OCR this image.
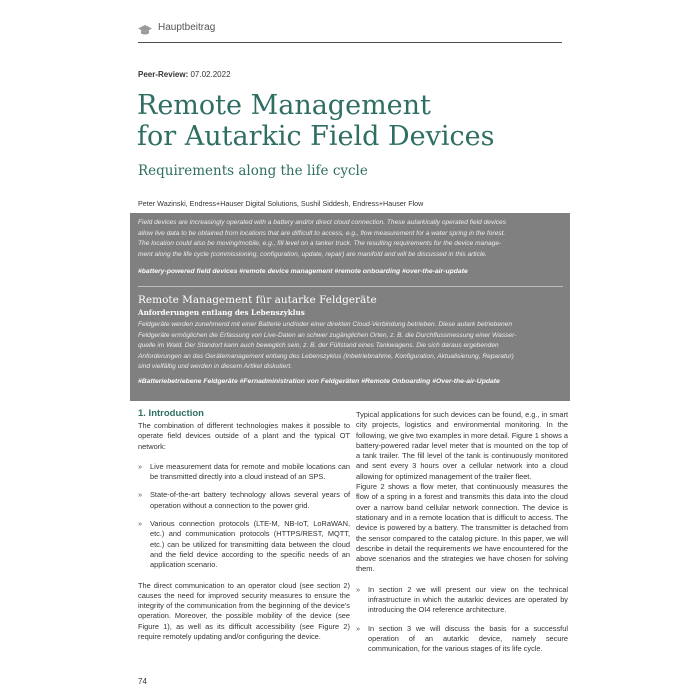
Hauptbeitrag
Peer-Review: 07.02.2022
Remote Management
for Autarkic Field Devices
Requirements along the life cycle
Peter Wazinski, Endress+Hauser Digital Solutions, Sushil Siddesh, Endress+Hauser Flow
Field devices are increasingly operated with a battery and/or direct cloud connection. These autarkically operated field devices
allow live data to be obtained from locations that are difficult to access, e.g., flow measurement for a water spring in the forest.
The location could also be moving/mobile, e.g., fill level on a tanker truck. The resulting requirements for the device manage-
ment along the life cycle (commissioning, configuration, update, repair) are manifold and will be discussed in this article.
#battery-powered field devices #remote device management #remote onboarding #over-the-air-update
Remote Management für autarke Feldgeräte
Anforderungen entlang des Lebenszyklus
Feldgeräte werden zunehmend mit einer Batterie und/oder einer direkten Cloud-Verbindung betrieben. Diese autark betriebenen
Feldgeräte ermöglichen die Erfassung von Live-Daten an schwer zugänglichen Orten, z. B. die Durchflussmessung einer Wasser-
quelle im Wald. Der Standort kann auch beweglich sein, z. B. der Füllstand eines Tankwagens. Die sich daraus ergebenden
Anforderungen an das Gerätemanagement entlang des Lebenszyklus (Inbetriebnahme, Konfiguration, Aktualisierung, Reparatur)
sind vielfältig und werden in diesem Artikel diskutiert.
#Batteriebetriebene Feldgeräte #Fernadministration von Feldgeräten #Remote Onboarding #Over-the-air-Update
1. Introduction

The combination of different technologies makes it possible to operate field devices outside of a plant and the typical OT network:

» Live measurement data for remote and mobile locations can be transmitted directly into a cloud instead of an SPS.
» State-of-the-art battery technology allows several years of operation without a connection to the power grid.
» Various connection protocols (LTE-M, NB-IoT, LoRaWAN, etc.) and communication protocols (HTTPS/REST, MQTT, etc.) can be utilized for transmitting data between the cloud and the field device according to the specific needs of an application scenario.

The direct communication to an operator cloud (see section 2) causes the need for improved security measures to ensure the integrity of the communication from the beginning of the device's operation. Moreover, the possible mobility of the device (see Figure 1), as well as its difficult accessibility (see Figure 2) require remotely updating and/or configuring the device.

Typical applications for such devices can be found, e.g., in smart city projects, logistics and environmental monitoring. In the following, we give two examples in more detail. Figure 1 shows a battery-powered radar level meter that is mounted on the top of a tank trailer. The fill level of the tank is continuously monitored and sent every 3 hours over a cellular network into a cloud allowing for optimized management of the trailer fleet.

Figure 2 shows a flow meter, that continuously measures the flow of a spring in a forest and transmits this data into the cloud over a narrow band cellular network connection. The device is stationary and in a remote location that is difficult to access. The device is powered by a battery. The transmitter is detached from the sensor compared to the catalog picture. In this paper, we will describe in detail the requirements we have encountered for the above scenarios and the strategies we have chosen for solving them.

» In section 2 we will present our view on the technical infrastructure in which the autarkic devices are operated by introducing the OI4 reference architecture.
» In section 3 we will discuss the basis for a successful operation of an autarkic device, namely secure communication, for the various stages of its life cycle.
74
